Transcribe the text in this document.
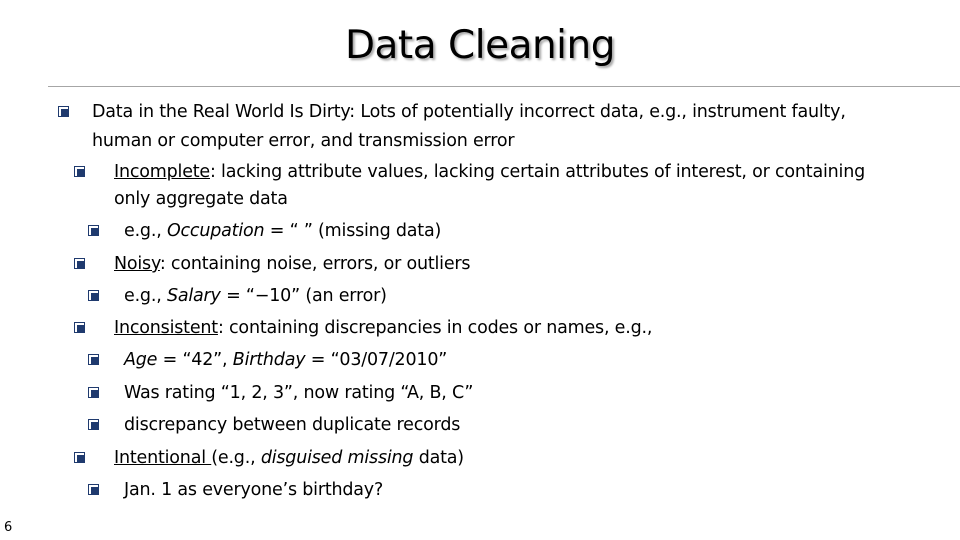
Data Cleaning
Data in the Real World Is Dirty: Lots of potentially incorrect data, e.g., instrument faulty,
human or computer error, and transmission error
Incomplete: lacking attribute values, lacking certain attributes of interest, or containing
only aggregate data
e.g., Occupation = “ ” (missing data)
Noisy: containing noise, errors, or outliers
e.g., Salary = “−10” (an error)
Inconsistent: containing discrepancies in codes or names, e.g.,
Age = “42”, Birthday = “03/07/2010”
Was rating “1, 2, 3”, now rating “A, B, C”
discrepancy between duplicate records
Intentional (e.g., disguised missing data)
Jan. 1 as everyone’s birthday?
6
